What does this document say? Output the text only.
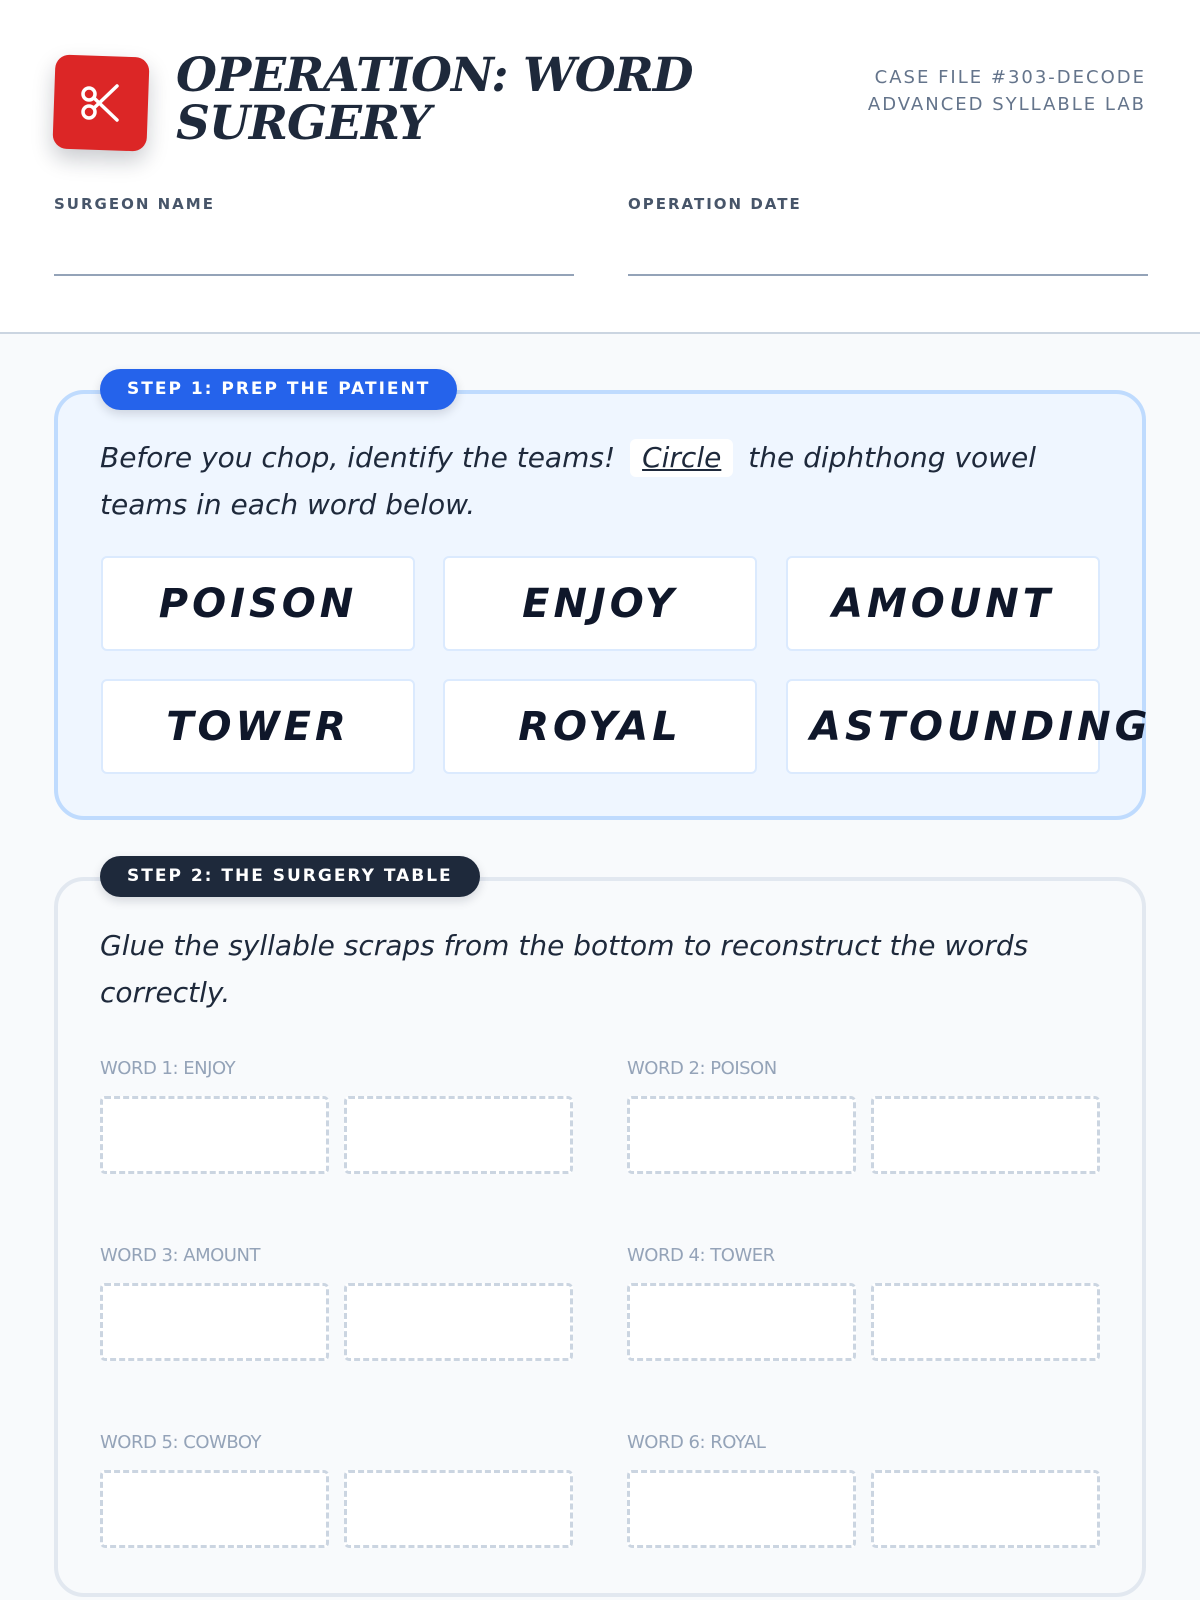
OPERATION: WORD SURGERY
CASE FILE #303-DECODE ADVANCED SYLLABLE LAB
SURGEON NAME	OPERATION DATE
STEP 1: PREP THE PATIENT
Before you chop, identify the teams! Circle the diphthong vowel teams in each word below.
POISON	ENJOY	AMOUNT
TOWER	ROYAL	ASTOUNDING
STEP 2: THE SURGERY TABLE
Glue the syllable scraps from the bottom to reconstruct the words correctly.
WORD 1: ENJOY	WORD 2: POISON
WORD 3: AMOUNT	WORD 4: TOWER
WORD 5: COWBOY	WORD 6: ROYAL
